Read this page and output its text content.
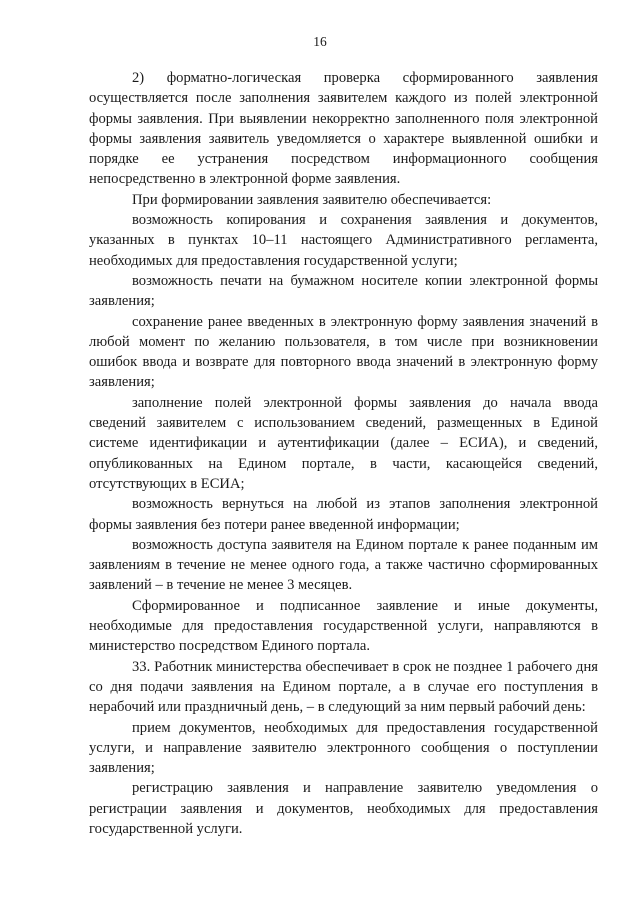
16

2) форматно-логическая проверка сформированного заявления осуществляется после заполнения заявителем каждого из полей электронной формы заявления. При выявлении некорректно заполненного поля электронной формы заявления заявитель уведомляется о характере выявленной ошибки и порядке ее устранения посредством информационного сообщения непосредственно в электронной форме заявления.

При формировании заявления заявителю обеспечивается:

возможность копирования и сохранения заявления и документов, указанных в пунктах 10–11 настоящего Административного регламента, необходимых для предоставления государственной услуги;

возможность печати на бумажном носителе копии электронной формы заявления;

сохранение ранее введенных в электронную форму заявления значений в любой момент по желанию пользователя, в том числе при возникновении ошибок ввода и возврате для повторного ввода значений в электронную форму заявления;

заполнение полей электронной формы заявления до начала ввода сведений заявителем с использованием сведений, размещенных в Единой системе идентификации и аутентификации (далее – ЕСИА), и сведений, опубликованных на Едином портале, в части, касающейся сведений, отсутствующих в ЕСИА;

возможность вернуться на любой из этапов заполнения электронной формы заявления без потери ранее введенной информации;

возможность доступа заявителя на Едином портале к ранее поданным им заявлениям в течение не менее одного года, а также частично сформированных заявлений – в течение не менее 3 месяцев.

Сформированное и подписанное заявление и иные документы, необходимые для предоставления государственной услуги, направляются в министерство посредством Единого портала.

33. Работник министерства обеспечивает в срок не позднее 1 рабочего дня со дня подачи заявления на Едином портале, а в случае его поступления в нерабочий или праздничный день, – в следующий за ним первый рабочий день:

прием документов, необходимых для предоставления государственной услуги, и направление заявителю электронного сообщения о поступлении заявления;

регистрацию заявления и направление заявителю уведомления о регистрации заявления и документов, необходимых для предоставления государственной услуги.
